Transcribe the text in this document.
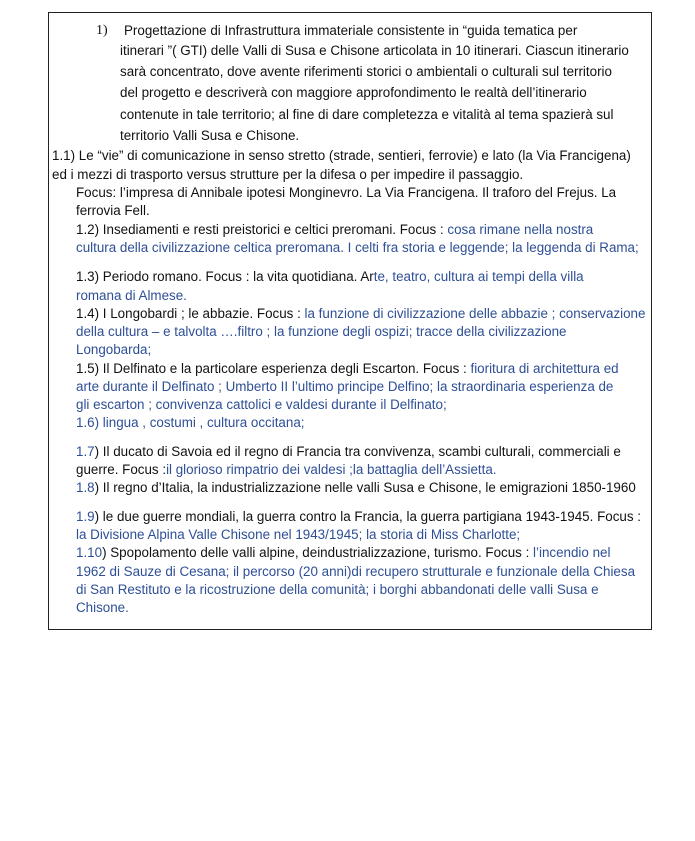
1) Progettazione di Infrastruttura immateriale consistente in “guida tematica per
itinerari ”( GTI) delle Valli di Susa e Chisone articolata in 10 itinerari. Ciascun itinerario
sarà concentrato, dove avente riferimenti storici o ambientali o culturali sul territorio
del progetto e descriverà con maggiore approfondimento le realtà dell’itinerario
contenute in tale territorio; al fine di dare completezza e vitalità al tema spazierà sul
territorio Valli Susa e Chisone.
1.1) Le “vie” di comunicazione in senso stretto (strade, sentieri, ferrovie) e lato (la Via Francigena)
ed i mezzi di trasporto versus strutture per la difesa o per impedire il passaggio.
Focus: l’impresa di Annibale ipotesi Monginevro. La Via Francigena. Il traforo del Frejus. La
ferrovia Fell.
1.2) Insediamenti e resti preistorici e celtici preromani. Focus : cosa rimane nella nostra
cultura della civilizzazione celtica preromana. I celti fra storia e leggende; la leggenda di Rama;
1.3) Periodo romano. Focus : la vita quotidiana. Arte, teatro, cultura ai tempi della villa
romana di Almese.
1.4) I Longobardi ; le abbazie. Focus : la funzione di civilizzazione delle abbazie ; conservazione
della cultura – e talvolta ….filtro ; la funzione degli ospizi; tracce della civilizzazione
Longobarda;
1.5) Il Delfinato e la particolare esperienza degli Escarton. Focus : fioritura di architettura ed
arte durante il Delfinato ; Umberto II l’ultimo principe Delfino; la straordinaria esperienza de
gli escarton ; convivenza cattolici e valdesi durante il Delfinato;
1.6) lingua , costumi , cultura occitana;
1.7) Il ducato di Savoia ed il regno di Francia tra convivenza, scambi culturali, commerciali e
guerre. Focus :il glorioso rimpatrio dei valdesi ;la battaglia dell’Assietta.
1.8) Il regno d’Italia, la industrializzazione nelle valli Susa e Chisone, le emigrazioni 1850-1960
1.9) le due guerre mondiali, la guerra contro la Francia, la guerra partigiana 1943-1945. Focus :
la Divisione Alpina Valle Chisone nel 1943/1945; la storia di Miss Charlotte;
1.10) Spopolamento delle valli alpine, deindustrializzazione, turismo. Focus : l’incendio nel
1962 di Sauze di Cesana; il percorso (20 anni)di recupero strutturale e funzionale della Chiesa
di San Restituto e la ricostruzione della comunità; i borghi abbandonati delle valli Susa e
Chisone.
